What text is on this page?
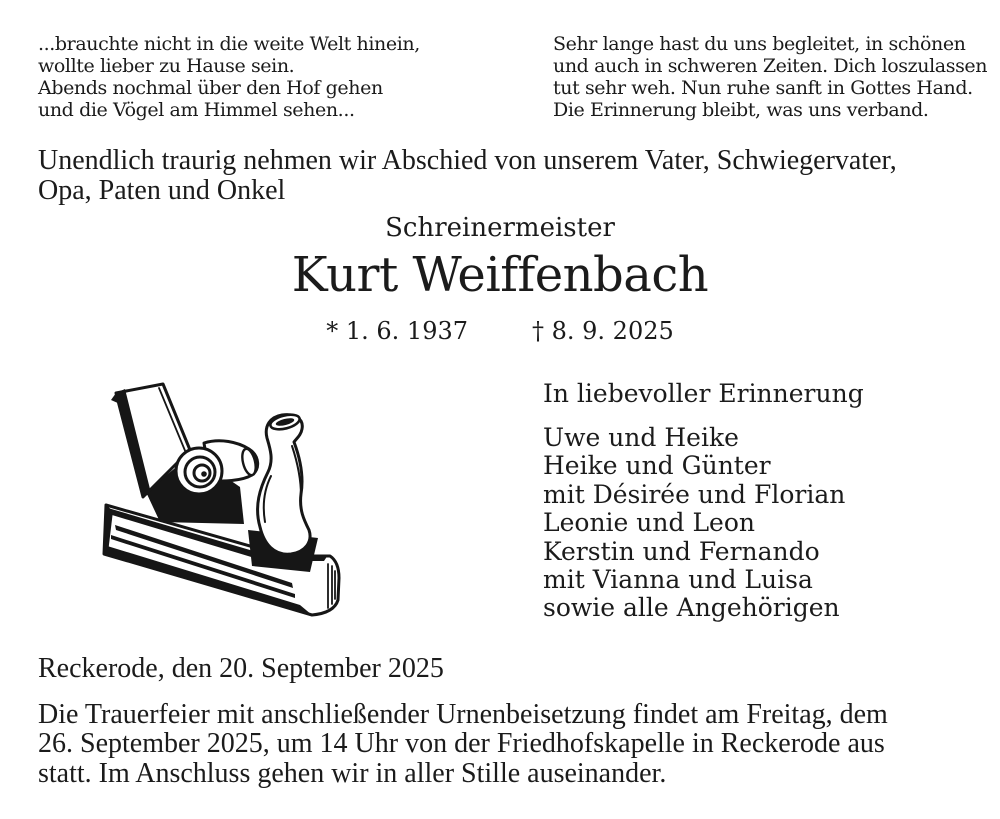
...brauchte nicht in die weite Welt hinein,
wollte lieber zu Hause sein.
Abends nochmal über den Hof gehen
und die Vögel am Himmel sehen...
Sehr lange hast du uns begleitet, in schönen
und auch in schweren Zeiten. Dich loszulassen
tut sehr weh. Nun ruhe sanft in Gottes Hand.
Die Erinnerung bleibt, was uns verband.
Unendlich traurig nehmen wir Abschied von unserem Vater, Schwiegervater,
Opa, Paten und Onkel
Schreinermeister
Kurt Weiffenbach
* 1. 6. 1937	† 8. 9. 2025
In liebevoller Erinnerung
Uwe und Heike
Heike und Günter
mit Désirée und Florian
Leonie und Leon
Kerstin und Fernando
mit Vianna und Luisa
sowie alle Angehörigen
Reckerode, den 20. September 2025
Die Trauerfeier mit anschließender Urnenbeisetzung findet am Freitag, dem
26. September 2025, um 14 Uhr von der Friedhofskapelle in Reckerode aus
statt. Im Anschluss gehen wir in aller Stille auseinander.
